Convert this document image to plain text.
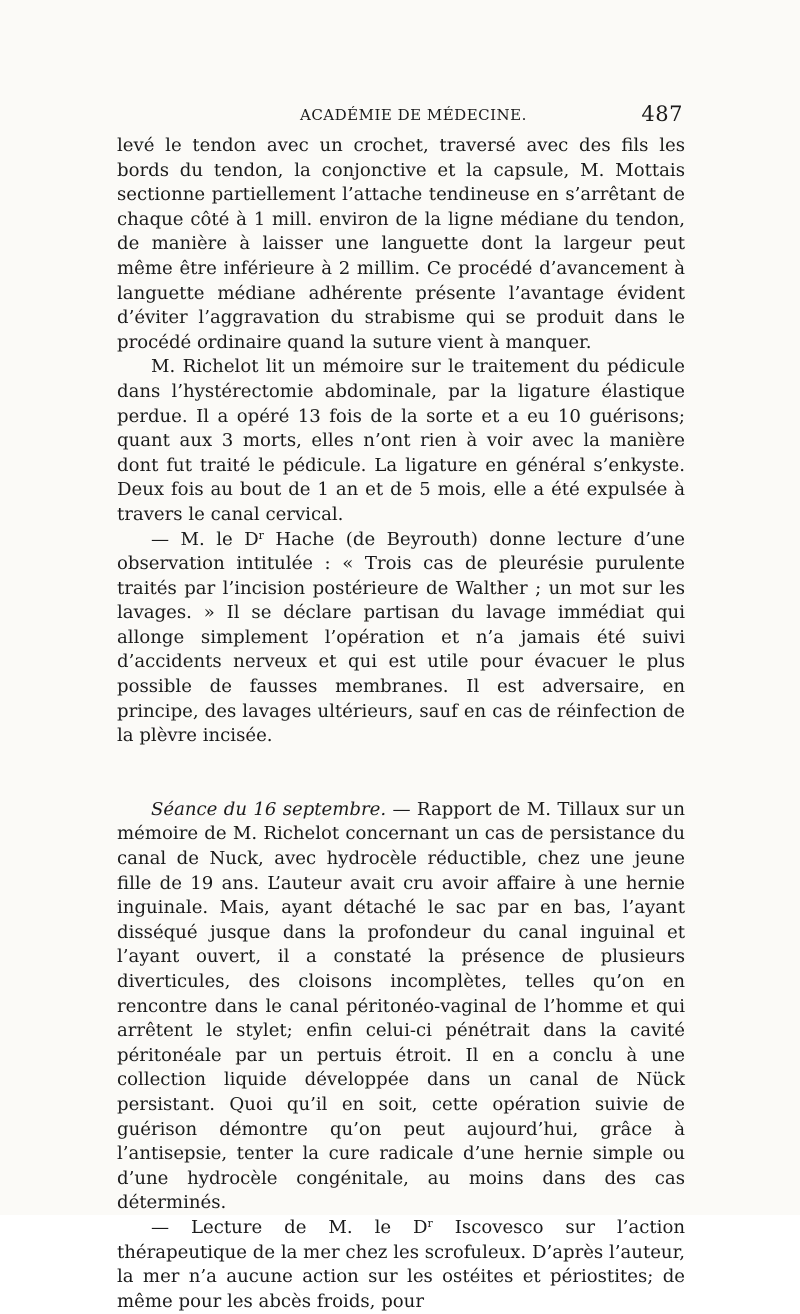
ACADÉMIE DE MÉDECINE.	487

levé le tendon avec un crochet, traversé avec des fils les bords du tendon, la conjonctive et la capsule, M. Mottais sectionne partiellement l’attache tendineuse en s’arrêtant de chaque côté à 1 mill. environ de la ligne médiane du tendon, de manière à laisser une languette dont la largeur peut même être inférieure à 2 millim. Ce procédé d’avancement à languette médiane adhérente présente l’avantage évident d’éviter l’aggravation du strabisme qui se produit dans le procédé ordinaire quand la suture vient à manquer.

M. Richelot lit un mémoire sur le traitement du pédicule dans l’hystérectomie abdominale, par la ligature élastique perdue. Il a opéré 13 fois de la sorte et a eu 10 guérisons; quant aux 3 morts, elles n’ont rien à voir avec la manière dont fut traité le pédicule. La ligature en général s’enkyste. Deux fois au bout de 1 an et de 5 mois, elle a été expulsée à travers le canal cervical.

— M. le $D^r$ Hache (de Beyrouth) donne lecture d’une observation intitulée : « Trois cas de pleurésie purulente traités par l’incision postérieure de Walther ; un mot sur les lavages. » Il se déclare partisan du lavage immédiat qui allonge simplement l’opération et n’a jamais été suivi d’accidents nerveux et qui est utile pour évacuer le plus possible de fausses membranes. Il est adversaire, en principe, des lavages ultérieurs, sauf en cas de réinfection de la plèvre incisée.

Séance du 16 septembre. — Rapport de M. Tillaux sur un mémoire de M. Richelot concernant un cas de persistance du canal de Nuck, avec hydrocèle réductible, chez une jeune fille de 19 ans. L’auteur avait cru avoir affaire à une hernie inguinale. Mais, ayant détaché le sac par en bas, l’ayant disséqué jusque dans la profondeur du canal inguinal et l’ayant ouvert, il a constaté la présence de plusieurs diverticules, des cloisons incomplètes, telles qu’on en rencontre dans le canal péritonéo-vaginal de l’homme et qui arrêtent le stylet; enfin celui-ci pénétrait dans la cavité péritonéale par un pertuis étroit. Il en a conclu à une collection liquide développée dans un canal de Nück persistant. Quoi qu’il en soit, cette opération suivie de guérison démontre qu’on peut aujourd’hui, grâce à l’antisepsie, tenter la cure radicale d’une hernie simple ou d’une hydrocèle congénitale, au moins dans des cas déterminés.

— Lecture de M. le $D^r$ Iscovesco sur l’action thérapeutique de la mer chez les scrofuleux. D’après l’auteur, la mer n’a aucune action sur les ostéites et périostites; de même pour les abcès froids, pour
